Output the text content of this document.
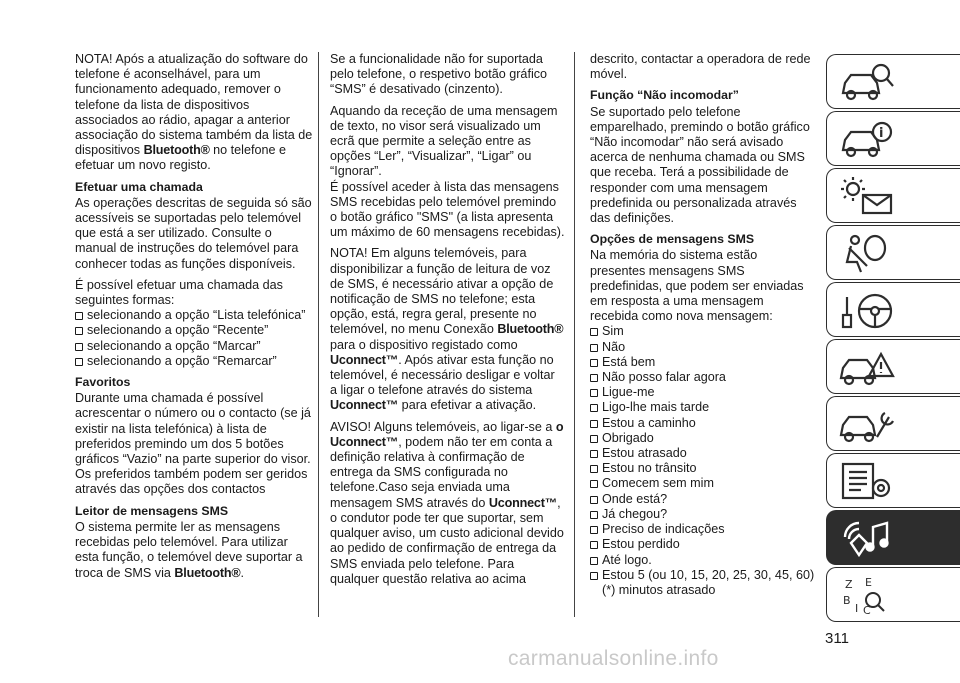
NOTA! Após a atualização do software do telefone é aconselhável, para um funcionamento adequado, remover o telefone da lista de dispositivos associados ao rádio, apagar a anterior associação do sistema também da lista de dispositivos Bluetooth® no telefone e efetuar um novo registo.

Efetuar uma chamada

As operações descritas de seguida só são acessíveis se suportadas pelo telemóvel que está a ser utilizado. Consulte o manual de instruções do telemóvel para conhecer todas as funções disponíveis.

É possível efetuar uma chamada das seguintes formas:

selecionando a opção “Lista telefónica”
selecionando a opção “Recente”
selecionando a opção “Marcar”
selecionando a opção “Remarcar”
Favoritos

Durante uma chamada é possível acrescentar o número ou o contacto (se já existir na lista telefónica) à lista de preferidos premindo um dos 5 botões gráficos “Vazio” na parte superior do visor. Os preferidos também podem ser geridos através das opções dos contactos

Leitor de mensagens SMS

O sistema permite ler as mensagens recebidas pelo telemóvel. Para utilizar esta função, o telemóvel deve suportar a troca de SMS via Bluetooth®.

Se a funcionalidade não for suportada pelo telefone, o respetivo botão gráfico “SMS” é desativado (cinzento).

Aquando da receção de uma mensagem de texto, no visor será visualizado um ecrã que permite a seleção entre as opções “Ler”, “Visualizar”, “Ligar” ou “Ignorar”.

É possível aceder à lista das mensagens SMS recebidas pelo telemóvel premindo o botão gráfico "SMS" (a lista apresenta um máximo de 60 mensagens recebidas).

NOTA! Em alguns telemóveis, para disponibilizar a função de leitura de voz de SMS, é necessário ativar a opção de notificação de SMS no telefone; esta opção, está, regra geral, presente no telemóvel, no menu Conexão Bluetooth® para o dispositivo registado como Uconnect™. Após ativar esta função no telemóvel, é necessário desligar e voltar a ligar o telefone através do sistema Uconnect™ para efetivar a ativação.

AVISO! Alguns telemóveis, ao ligar-se a o Uconnect™, podem não ter em conta a definição relativa à confirmação de entrega da SMS configurada no telefone.Caso seja enviada uma mensagem SMS através do Uconnect™, o condutor pode ter que suportar, sem qualquer aviso, um custo adicional devido ao pedido de confirmação de entrega da SMS enviada pelo telefone. Para qualquer questão relativa ao acima

descrito, contactar a operadora de rede móvel.

Função “Não incomodar”

Se suportado pelo telefone emparelhado, premindo o botão gráfico “Não incomodar” não será avisado acerca de nenhuma chamada ou SMS que receba. Terá a possibilidade de responder com uma mensagem predefinida ou personalizada através das definições.

Opções de mensagens SMS

Na memória do sistema estão presentes mensagens SMS predefinidas, que podem ser enviadas em resposta a uma mensagem recebida como nova mensagem:

Sim
Não
Está bem
Não posso falar agora
Ligue-me
Ligo-lhe mais tarde
Estou a caminho
Obrigado
Estou atrasado
Estou no trânsito
Comecem sem mim
Onde está?
Já chegou?
Preciso de indicações
Estou perdido
Até logo.
Estou 5 (ou 10, 15, 20, 25, 30, 45, 60) (*) minutos atrasado
i
Z E
B
I C
311
carmanualsonline.info
